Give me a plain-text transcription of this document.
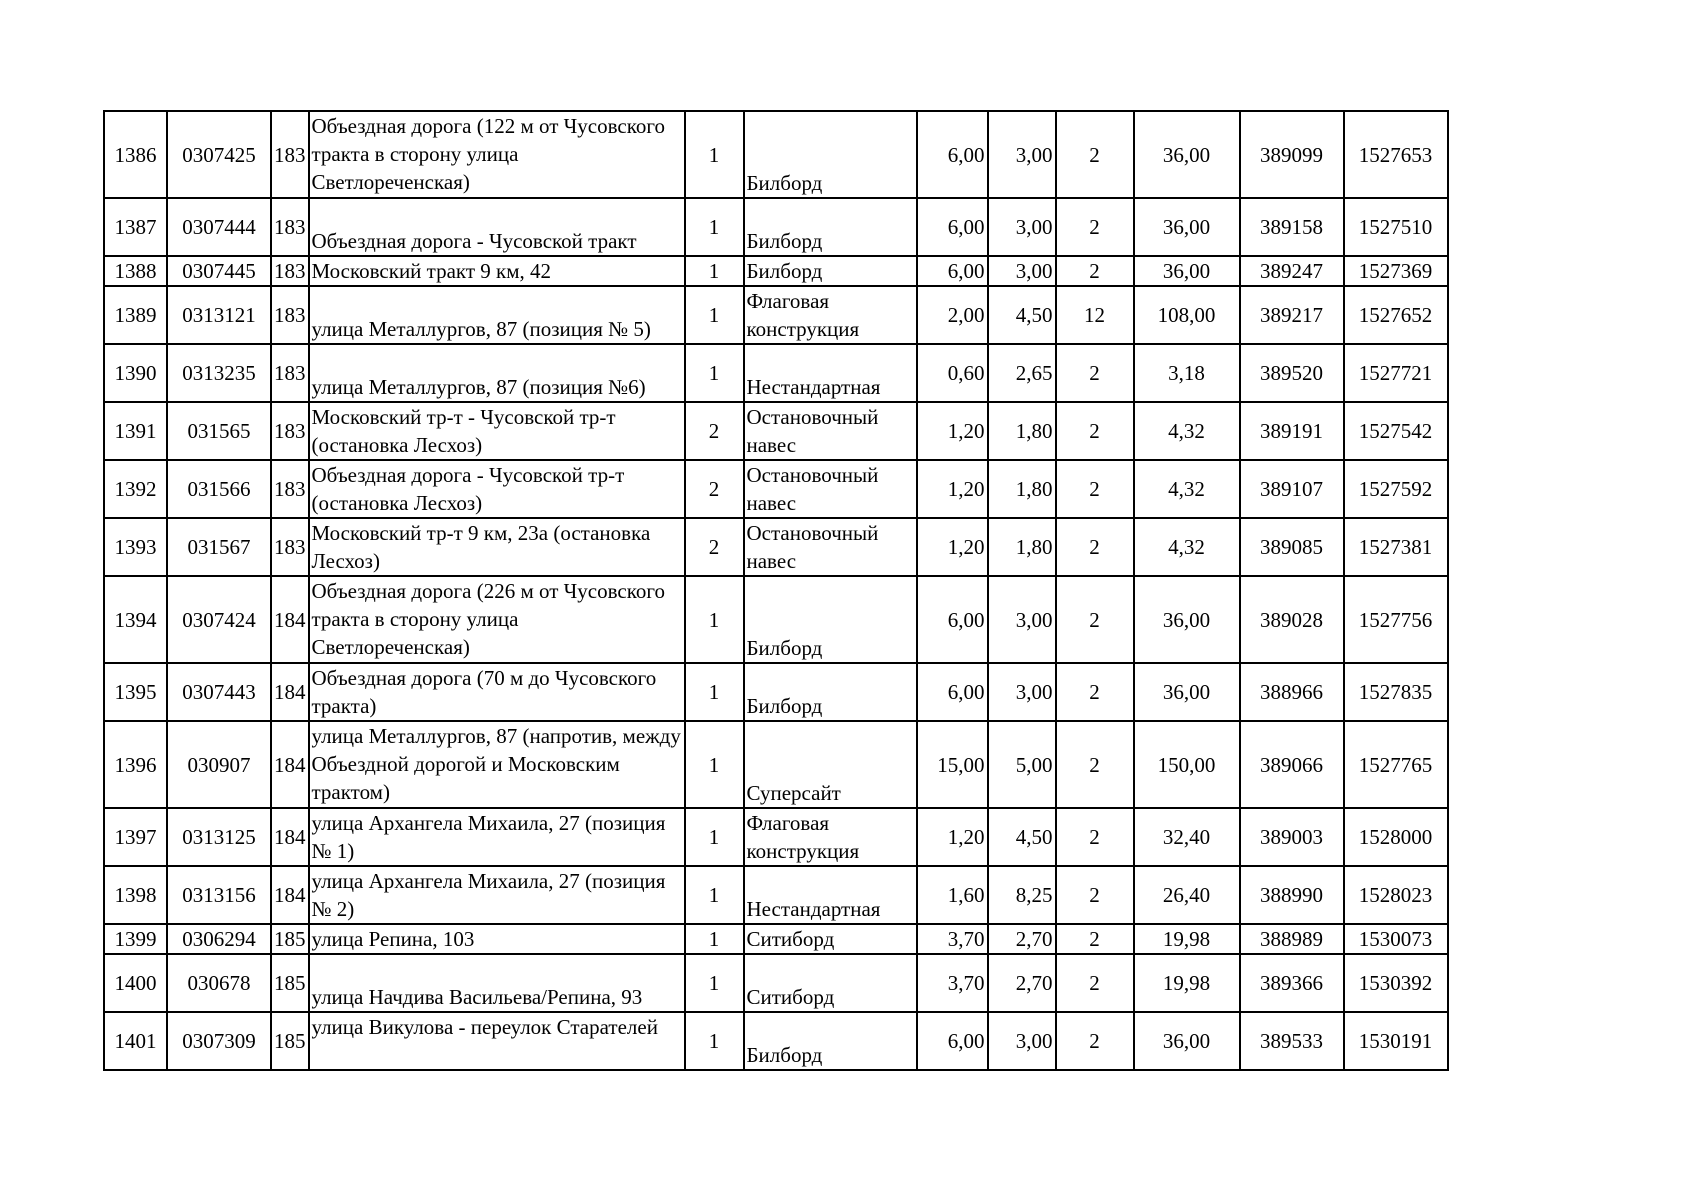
1386	0307425	183	Объездная дорога (122 м от Чусовского тракта в сторону улица Светлореченская)	1	Билборд	6,00	3,00	2	36,00	389099	1527653
1387	0307444	183	Объездная дорога - Чусовской тракт	1	Билборд	6,00	3,00	2	36,00	389158	1527510
1388	0307445	183	Московский тракт 9 км, 42	1	Билборд	6,00	3,00	2	36,00	389247	1527369
1389	0313121	183	улица Металлургов, 87 (позиция № 5)	1	Флаговая конструкция	2,00	4,50	12	108,00	389217	1527652
1390	0313235	183	улица Металлургов, 87 (позиция №6)	1	Нестандартная	0,60	2,65	2	3,18	389520	1527721
1391	031565	183	Московский тр-т - Чусовской тр-т (остановка Лесхоз)	2	Остановочный навес	1,20	1,80	2	4,32	389191	1527542
1392	031566	183	Объездная дорога - Чусовской тр-т (остановка Лесхоз)	2	Остановочный навес	1,20	1,80	2	4,32	389107	1527592
1393	031567	183	Московский тр-т 9 км, 23а (остановка Лесхоз)	2	Остановочный навес	1,20	1,80	2	4,32	389085	1527381
1394	0307424	184	Объездная дорога (226 м от Чусовского тракта в сторону улица Светлореченская)	1	Билборд	6,00	3,00	2	36,00	389028	1527756
1395	0307443	184	Объездная дорога (70 м до Чусовского тракта)	1	Билборд	6,00	3,00	2	36,00	388966	1527835
1396	030907	184	улица Металлургов, 87 (напротив, между Объездной дорогой и Московским трактом)	1	Суперсайт	15,00	5,00	2	150,00	389066	1527765
1397	0313125	184	улица Архангела Михаила, 27 (позиция № 1)	1	Флаговая конструкция	1,20	4,50	2	32,40	389003	1528000
1398	0313156	184	улица Архангела Михаила, 27 (позиция № 2)	1	Нестандартная	1,60	8,25	2	26,40	388990	1528023
1399	0306294	185	улица Репина, 103	1	Ситиборд	3,70	2,70	2	19,98	388989	1530073
1400	030678	185	улица Начдива Васильева/Репина, 93	1	Ситиборд	3,70	2,70	2	19,98	389366	1530392
1401	0307309	185	улица Викулова - переулок Старателей	1	Билборд	6,00	3,00	2	36,00	389533	1530191
